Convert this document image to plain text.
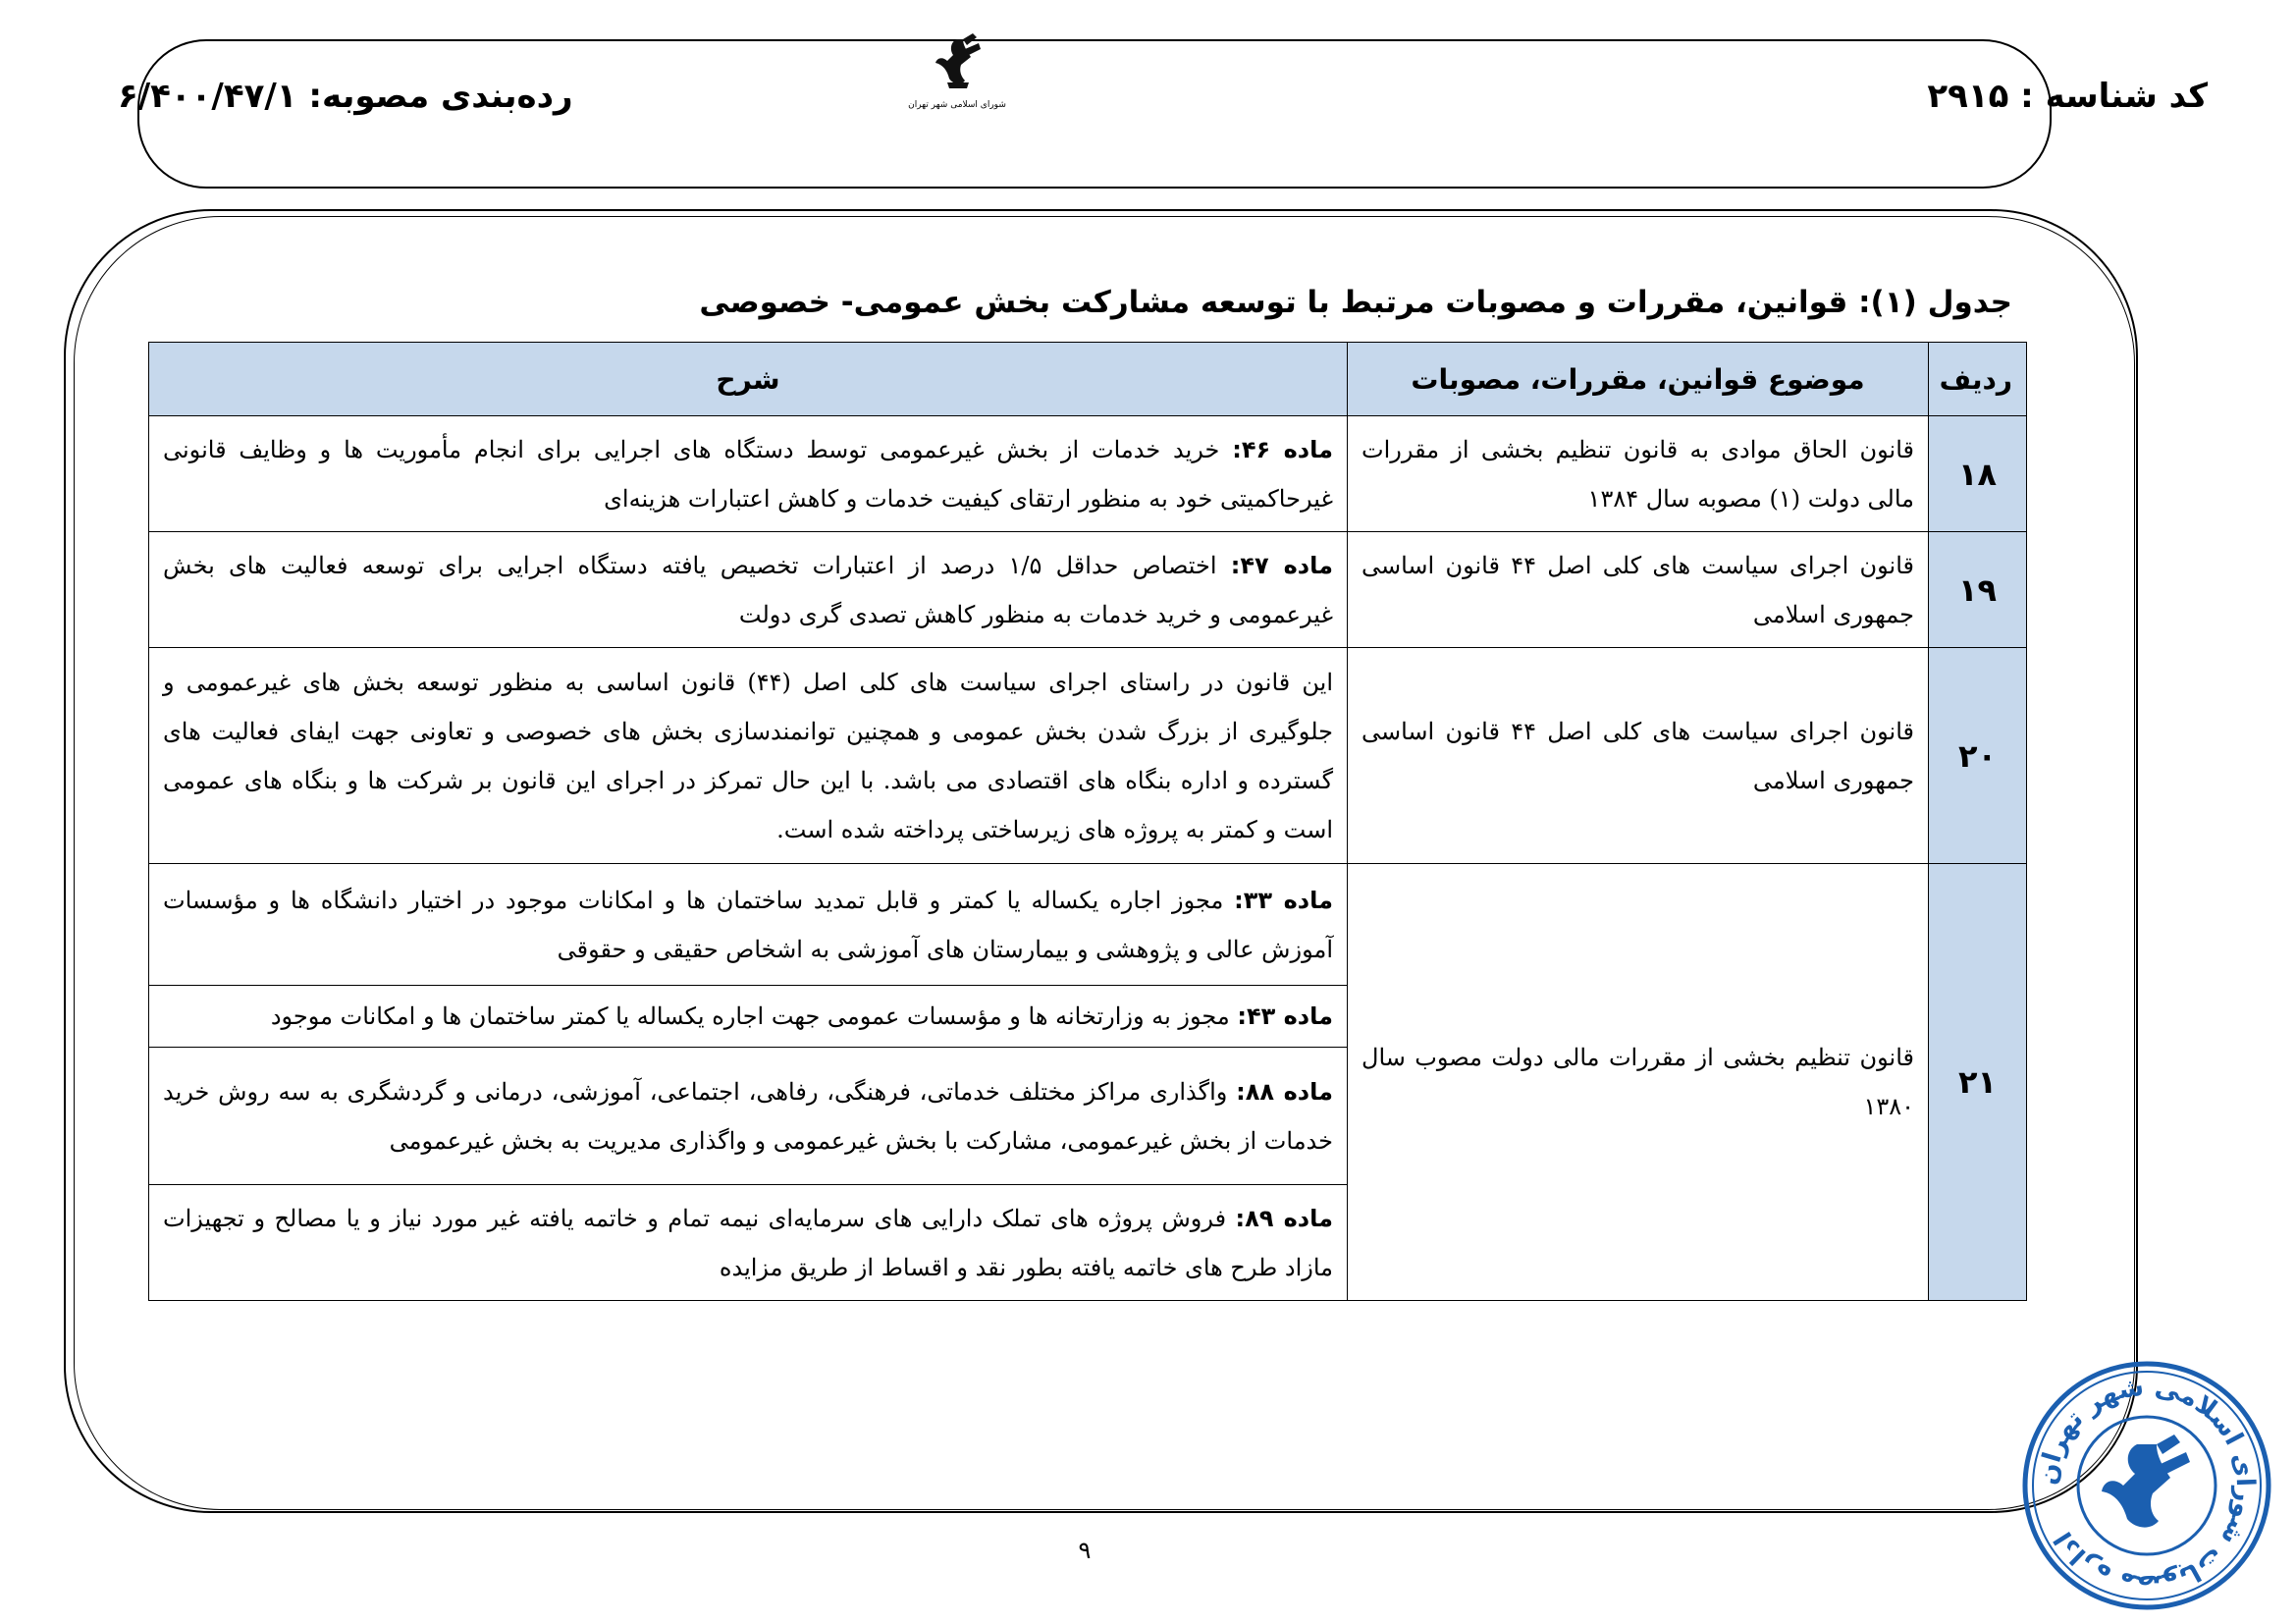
کد شناسه : ۲۹۱۵
رده‌بندی مصوبه: ۶/۴۰۰/۴۷/۱	شورای اسلامی شهر تهران
جدول (۱): قوانین، مقررات و مصوبات مرتبط با توسعه مشارکت بخش عمومی- خصوصی
ردیف	موضوع قوانین، مقررات، مصوبات	شرح
۱۸	قانون الحاق موادی به قانون تنظیم بخشی از مقررات مالی دولت (۱) مصوبه سال ۱۳۸۴	ماده ۴۶: خرید خدمات از بخش غیرعمومی توسط دستگاه های اجرایی برای انجام مأموریت ها و وظایف قانونی غیرحاکمیتی خود به منظور ارتقای کیفیت خدمات و کاهش اعتبارات هزینه‌ای
۱۹	قانون اجرای سیاست های کلی اصل ۴۴ قانون اساسی جمهوری اسلامی	ماده ۴۷: اختصاص حداقل ۱/۵ درصد از اعتبارات تخصیص یافته دستگاه اجرایی برای توسعه فعالیت های بخش غیرعمومی و خرید خدمات به منظور کاهش تصدی گری دولت
۲۰	قانون اجرای سیاست های کلی اصل ۴۴ قانون اساسی جمهوری اسلامی	این قانون در راستای اجرای سیاست های کلی اصل (۴۴) قانون اساسی به منظور توسعه بخش های غیرعمومی و جلوگیری از بزرگ شدن بخش عمومی و همچنین توانمندسازی بخش های خصوصی و تعاونی جهت ایفای فعالیت های گسترده و اداره بنگاه های اقتصادی می باشد. با این حال تمرکز در اجرای این قانون بر شرکت ها و بنگاه های عمومی است و کمتر به پروژه های زیرساختی پرداخته شده است.
۲۱	قانون تنظیم بخشی از مقررات مالی دولت مصوب سال ۱۳۸۰	ماده ۳۳: مجوز اجاره یکساله یا کمتر و قابل تمدید ساختمان ها و امکانات موجود در اختیار دانشگاه ها و مؤسسات آموزش عالی و پژوهشی و بیمارستان های آموزشی به اشخاص حقیقی و حقوقی
		ماده ۴۳: مجوز به وزارتخانه ها و مؤسسات عمومی جهت اجاره یکساله یا کمتر ساختمان ها و امکانات موجود
		ماده ۸۸: واگذاری مراکز مختلف خدماتی، فرهنگی، رفاهی، اجتماعی، آموزشی، درمانی و گردشگری به سه روش خرید خدمات از بخش غیرعمومی، مشارکت با بخش غیرعمومی و واگذاری مدیریت به بخش غیرعمومی
		ماده ۸۹: فروش پروژه های تملک دارایی های سرمایه‌ای نیمه تمام و خاتمه یافته غیر مورد نیاز و یا مصالح و تجهیزات مازاد طرح های خاتمه یافته بطور نقد و اقساط از طریق مزایده
۹
اداره مصوبات شورای اسلامی شهر تهران
